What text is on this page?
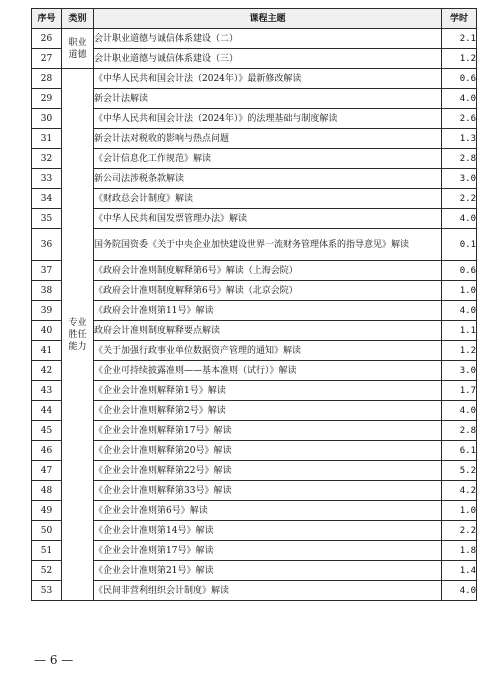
序号	类别	课程主题	学时
26	职业道德	会计职业道德与诚信体系建设（二）	2.1
27		会计职业道德与诚信体系建设（三）	1.2
28	专业胜任能力	《中华人民共和国会计法（2024年）》最新修改解读	0.6
29		新会计法解读	4.0
30		《中华人民共和国会计法（2024年）》的法理基础与制度解读	2.6
31		新会计法对税收的影响与热点问题	1.3
32		《会计信息化工作规范》解读	2.8
33		新公司法涉税条款解读	3.0
34		《财政总会计制度》解读	2.2
35		《中华人民共和国发票管理办法》解读	4.0
36		国务院国资委《关于中央企业加快建设世界一流财务管理体系的指导意见》解读	0.1
37		《政府会计准则制度解释第6号》解读（上海会院）	0.6
38		《政府会计准则制度解释第6号》解读（北京会院）	1.0
39		《政府会计准则第11号》解读	4.0
40		政府会计准则制度解释要点解读	1.1
41		《关于加强行政事业单位数据资产管理的通知》解读	1.2
42		《企业可持续披露准则——基本准则（试行）》解读	3.0
43		《企业会计准则解释第1号》解读	1.7
44		《企业会计准则解释第2号》解读	4.0
45		《企业会计准则解释第17号》解读	2.8
46		《企业会计准则解释第20号》解读	6.1
47		《企业会计准则解释第22号》解读	5.2
48		《企业会计准则解释第33号》解读	4.2
49		《企业会计准则第6号》解读	1.0
50		《企业会计准则第14号》解读	2.2
51		《企业会计准则第17号》解读	1.8
52		《企业会计准则第21号》解读	1.4
53		《民间非营利组织会计制度》解读	4.0
— 6 —
